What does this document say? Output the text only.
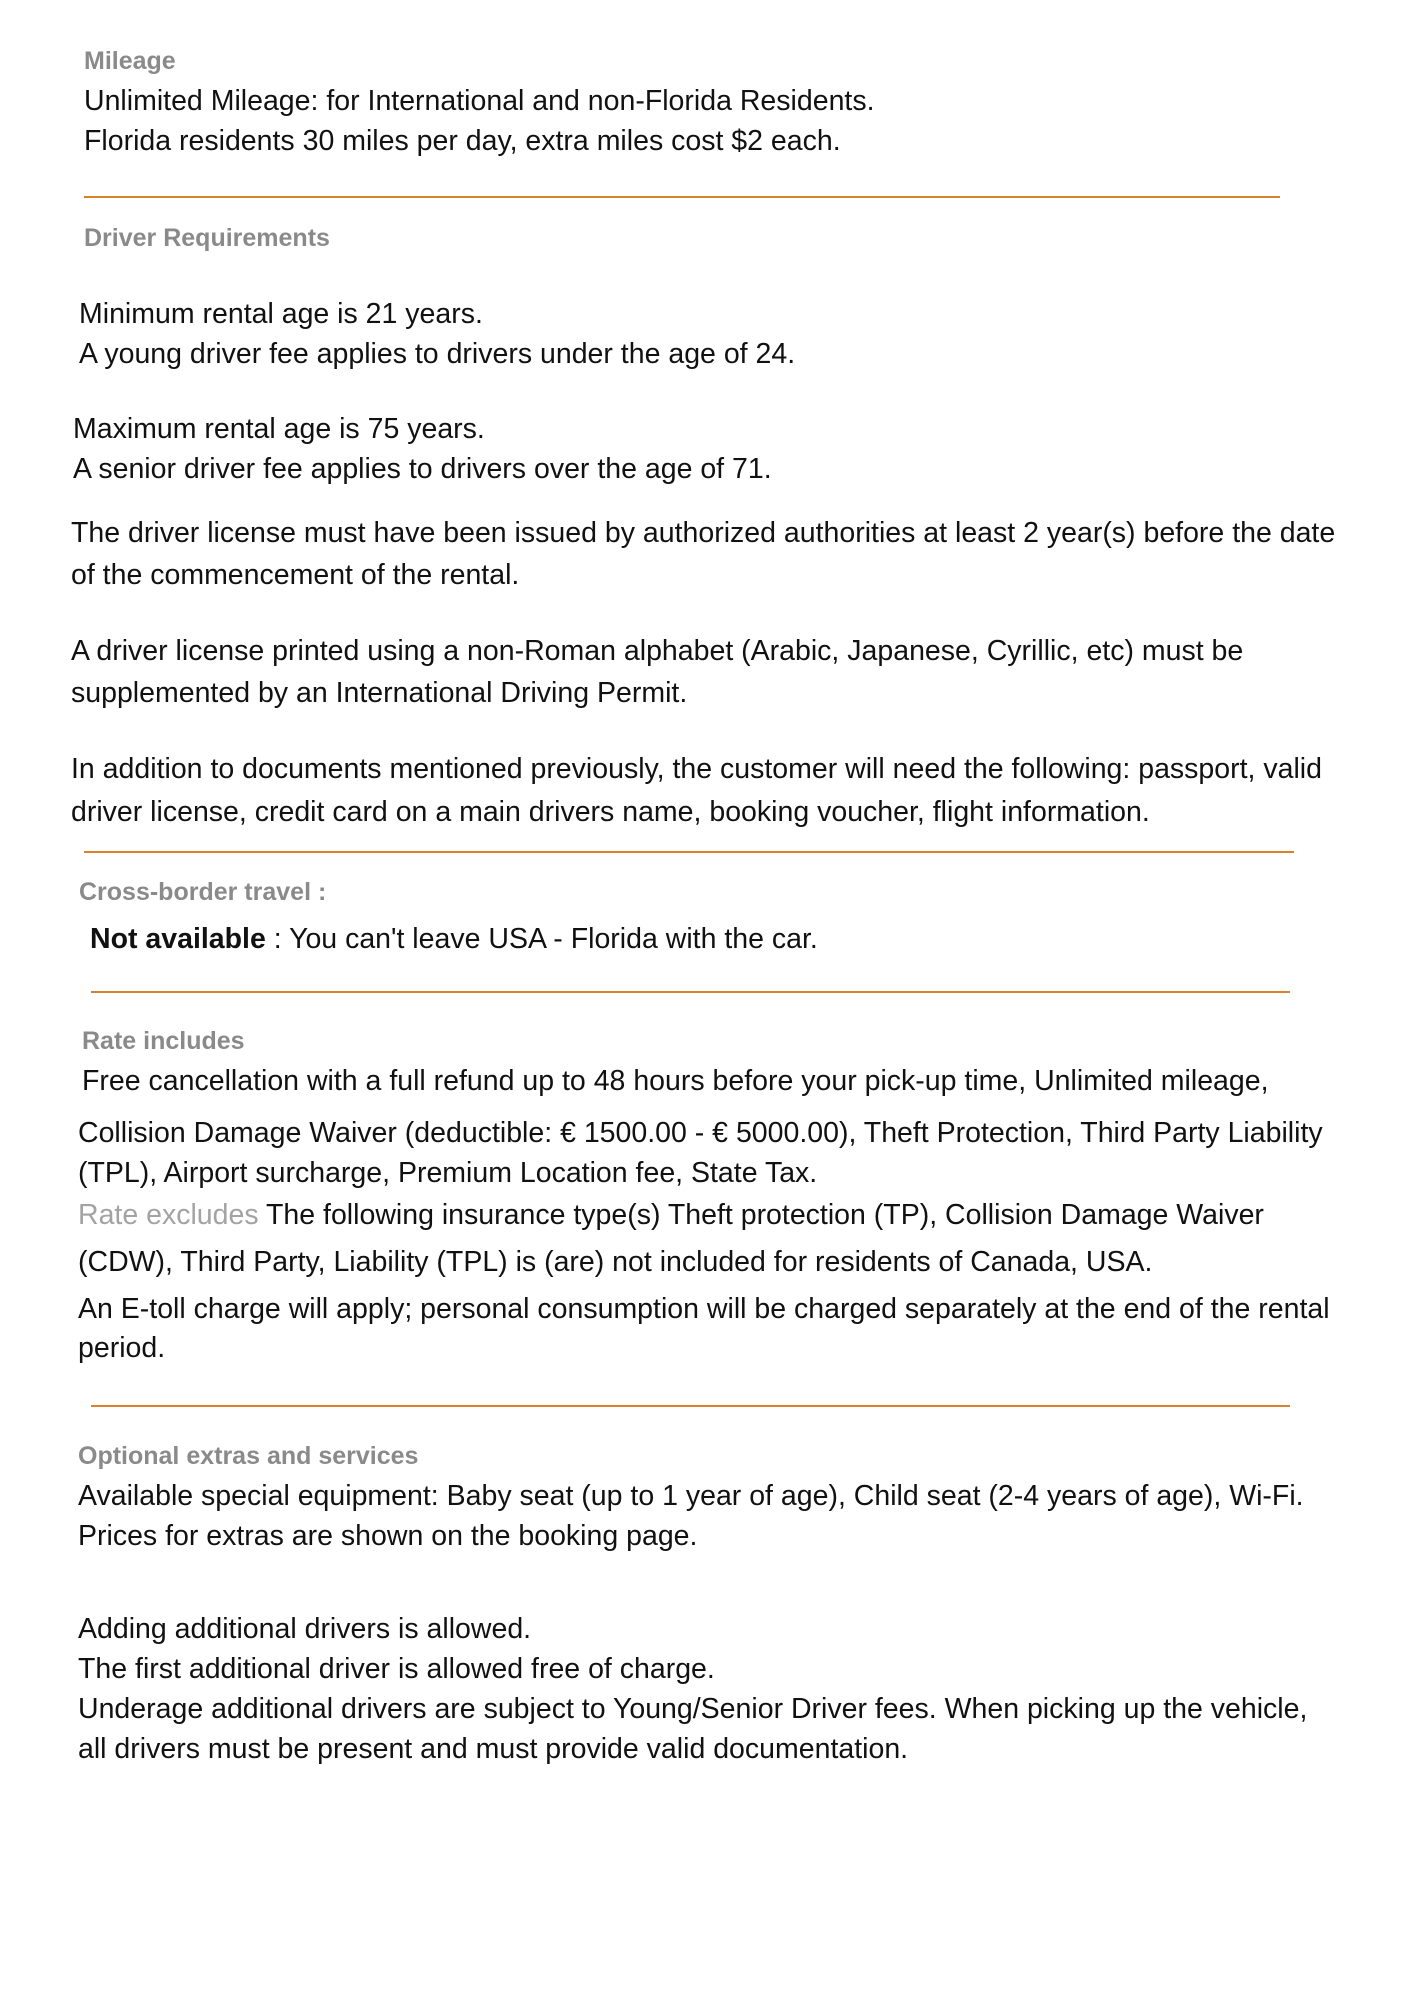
Mileage
Unlimited Mileage: for International and non-Florida Residents.
Florida residents 30 miles per day, extra miles cost $2 each.
Driver Requirements
Minimum rental age is 21 years.
A young driver fee applies to drivers under the age of 24.
Maximum rental age is 75 years.
A senior driver fee applies to drivers over the age of 71.
The driver license must have been issued by authorized authorities at least 2 year(s) before the date
of the commencement of the rental.
A driver license printed using a non-Roman alphabet (Arabic, Japanese, Cyrillic, etc) must be
supplemented by an International Driving Permit.
In addition to documents mentioned previously, the customer will need the following: passport, valid
driver license, credit card on a main drivers name, booking voucher, flight information.
Cross-border travel :
Not available : You can't leave USA - Florida with the car.
Rate includes
Free cancellation with a full refund up to 48 hours before your pick-up time, Unlimited mileage,
Collision Damage Waiver (deductible: € 1500.00 - € 5000.00), Theft Protection, Third Party Liability
(TPL), Airport surcharge, Premium Location fee, State Tax.
Rate excludes The following insurance type(s) Theft protection (TP), Collision Damage Waiver
(CDW), Third Party, Liability (TPL) is (are) not included for residents of Canada, USA.
An E-toll charge will apply; personal consumption will be charged separately at the end of the rental
period.
Optional extras and services
Available special equipment: Baby seat (up to 1 year of age), Child seat (2-4 years of age), Wi-Fi.
Prices for extras are shown on the booking page.
Adding additional drivers is allowed.
The first additional driver is allowed free of charge.
Underage additional drivers are subject to Young/Senior Driver fees. When picking up the vehicle,
all drivers must be present and must provide valid documentation.
